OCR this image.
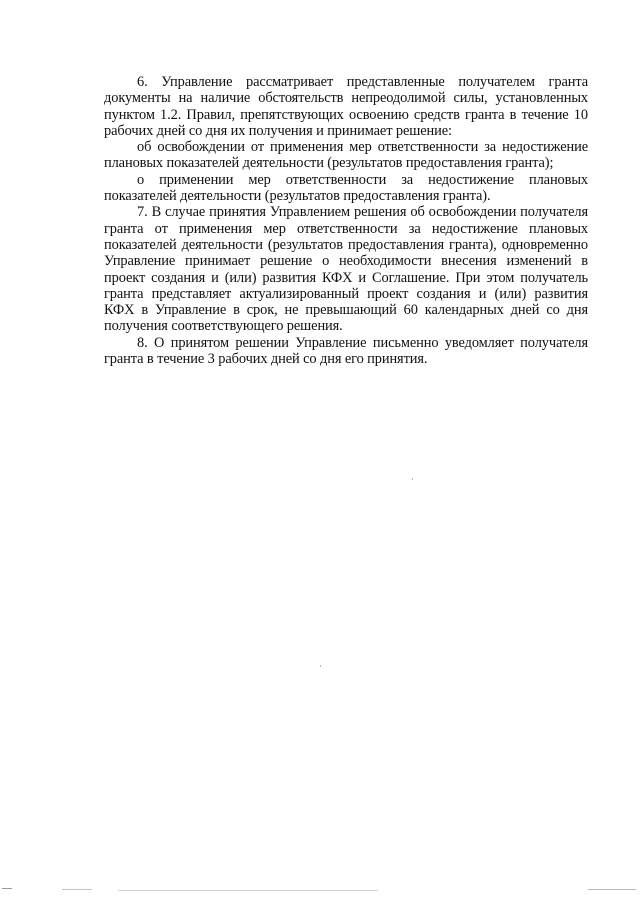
6. Управление рассматривает представленные получателем гранта документы на наличие обстоятельств непреодолимой силы, установленных пунктом 1.2. Правил, препятствующих освоению средств гранта в течение 10 рабочих дней со дня их получения и принимает решение:

об освобождении от применения мер ответственности за недостижение плановых показателей деятельности (результатов предоставления гранта);

о применении мер ответственности за недостижение плановых показателей деятельности (результатов предоставления гранта).

7. В случае принятия Управлением решения об освобождении получателя гранта от применения мер ответственности за недостижение плановых показателей деятельности (результатов предоставления гранта), одновременно Управление принимает решение о необходимости внесения изменений в проект создания и (или) развития КФХ и Соглашение. При этом получатель гранта представляет актуализированный проект создания и (или) развития КФХ в Управление в срок, не превышающий 60 календарных дней со дня получения соответствующего решения.

8. О принятом решении Управление письменно уведомляет получателя гранта в течение 3 рабочих дней со дня его принятия.
